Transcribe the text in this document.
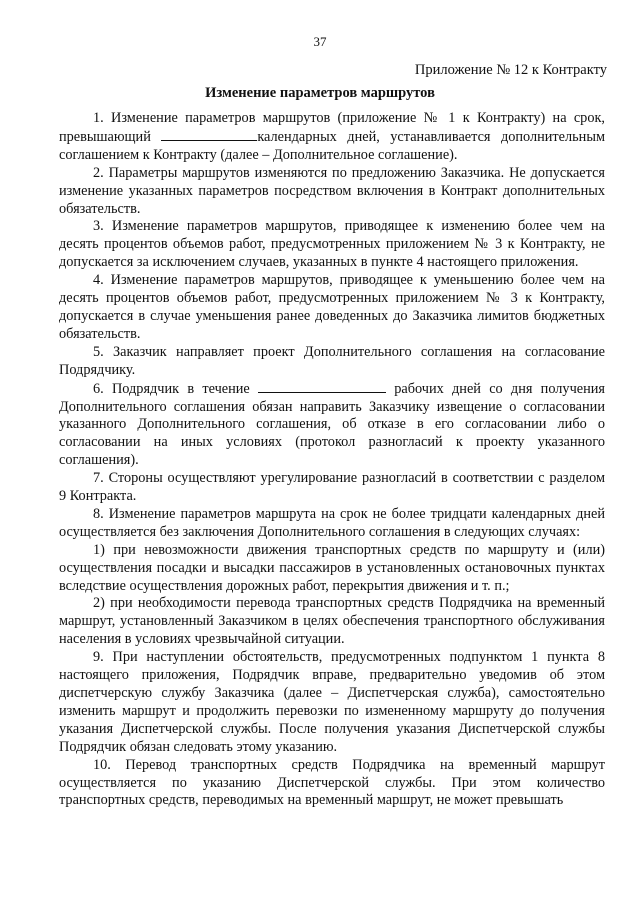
37
Приложение № 12 к Контракту
Изменение параметров маршрутов

1. Изменение параметров маршрутов (приложение № 1 к Контракту) на срок, превышающий	календарных дней, устанавливается дополнительным соглашением к Контракту (далее – Дополнительное соглашение).

2. Параметры маршрутов изменяются по предложению Заказчика. Не допускается изменение указанных параметров посредством включения в Контракт дополнительных обязательств.

3. Изменение параметров маршрутов, приводящее к изменению более чем на десять процентов объемов работ, предусмотренных приложением № 3 к Контракту, не допускается за исключением случаев, указанных в пункте 4 настоящего приложения.

4. Изменение параметров маршрутов, приводящее к уменьшению более чем на десять процентов объемов работ, предусмотренных приложением № 3 к Контракту, допускается в случае уменьшения ранее доведенных до Заказчика лимитов бюджетных обязательств.

5. Заказчик направляет проект Дополнительного соглашения на согласование Подрядчику.

6. Подрядчик в течение	рабочих дней со дня получения Дополнительного соглашения обязан направить Заказчику извещение о согласовании указанного Дополнительного соглашения, об отказе в его согласовании либо о согласовании на иных условиях (протокол разногласий к проекту указанного соглашения).

7. Стороны осуществляют урегулирование разногласий в соответствии с разделом 9 Контракта.

8. Изменение параметров маршрута на срок не более тридцати календарных дней осуществляется без заключения Дополнительного соглашения в следующих случаях:

1) при невозможности движения транспортных средств по маршруту и (или) осуществления посадки и высадки пассажиров в установленных остановочных пунктах вследствие осуществления дорожных работ, перекрытия движения и т. п.;

2) при необходимости перевода транспортных средств Подрядчика на временный маршрут, установленный Заказчиком в целях обеспечения транспортного обслуживания населения в условиях чрезвычайной ситуации.

9. При наступлении обстоятельств, предусмотренных подпунктом 1 пункта 8 настоящего приложения, Подрядчик вправе, предварительно уведомив об этом диспетчерскую службу Заказчика (далее – Диспетчерская служба), самостоятельно изменить маршрут и продолжить перевозки по измененному маршруту до получения указания Диспетчерской службы. После получения указания Диспетчерской службы Подрядчик обязан следовать этому указанию.

10. Перевод транспортных средств Подрядчика на временный маршрут осуществляется по указанию Диспетчерской службы. При этом количество транспортных средств, переводимых на временный маршрут, не может превышать
